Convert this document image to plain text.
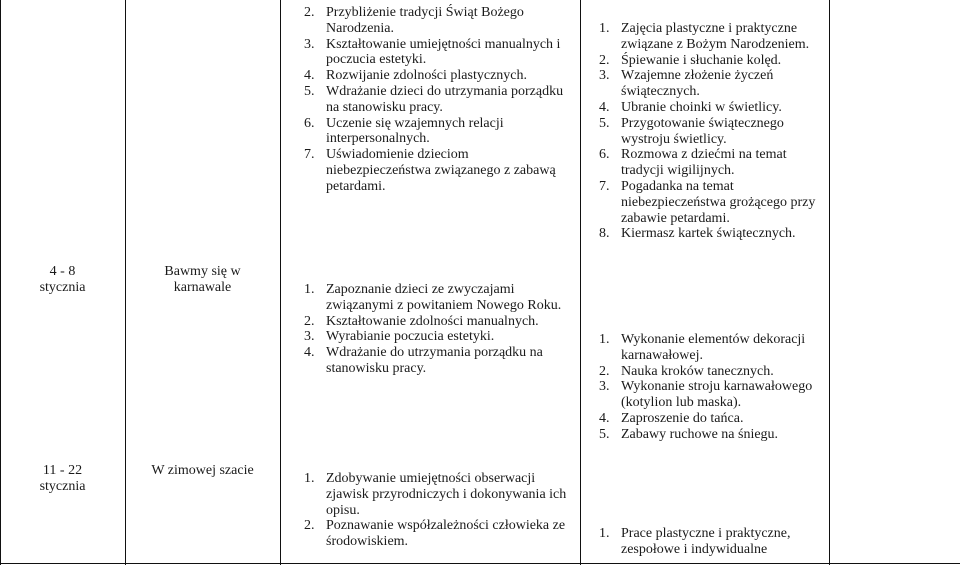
4 - 8
stycznia
Bawmy się w
karnawale
11 - 22
stycznia
W zimowej szacie
2. Przybliżenie tradycji Świąt Bożego Narodzenia.
3. Kształtowanie umiejętności manualnych i poczucia estetyki.
4. Rozwijanie zdolności plastycznych.
5. Wdrażanie dzieci do utrzymania porządku na stanowisku pracy.
6. Uczenie się wzajemnych relacji interpersonalnych.
7. Uświadomienie dzieciom niebezpieczeństwa związanego z zabawą petardami.
1. Zapoznanie dzieci ze zwyczajami związanymi z powitaniem Nowego Roku.
2. Kształtowanie zdolności manualnych.
3. Wyrabianie poczucia estetyki.
4. Wdrażanie do utrzymania porządku na stanowisku pracy.
1. Zdobywanie umiejętności obserwacji zjawisk przyrodniczych i dokonywania ich opisu.
2. Poznawanie współzależności człowieka ze środowiskiem.
1. Zajęcia plastyczne i praktyczne związane z Bożym Narodzeniem.
2. Śpiewanie i słuchanie kolęd.
3. Wzajemne złożenie życzeń świątecznych.
4. Ubranie choinki w świetlicy.
5. Przygotowanie świątecznego wystroju świetlicy.
6. Rozmowa z dziećmi na temat tradycji wigilijnych.
7. Pogadanka na temat niebezpieczeństwa grożącego przy zabawie petardami.
8. Kiermasz kartek świątecznych.
1. Wykonanie elementów dekoracji karnawałowej.
2. Nauka kroków tanecznych.
3. Wykonanie stroju karnawałowego (kotylion lub maska).
4. Zaproszenie do tańca.
5. Zabawy ruchowe na śniegu.
1. Prace plastyczne i praktyczne, zespołowe i indywidualne
